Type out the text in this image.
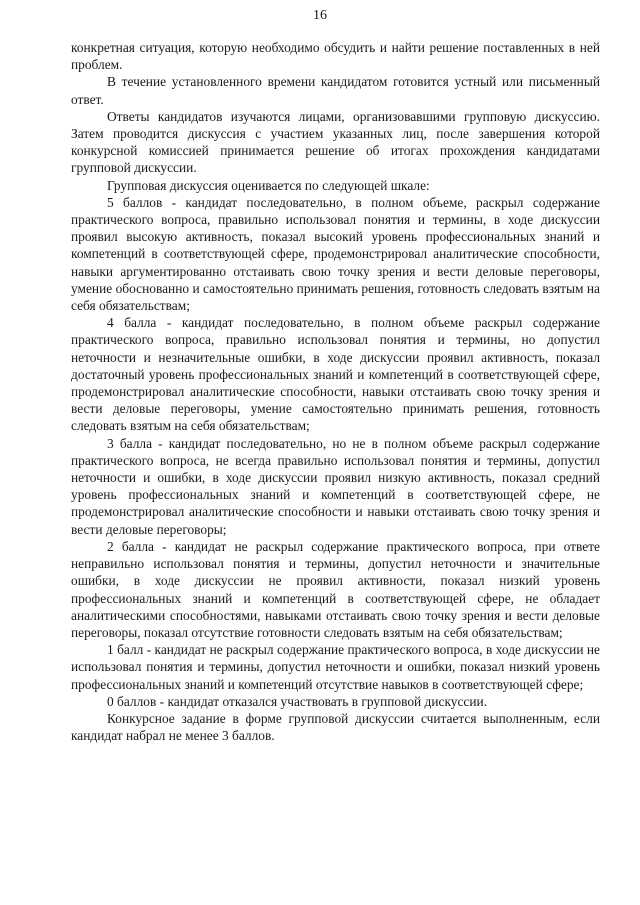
16

конкретная ситуация, которую необходимо обсудить и найти решение поставленных в ней проблем.

В течение установленного времени кандидатом готовится устный или письменный ответ.

Ответы кандидатов изучаются лицами, организовавшими групповую дискуссию. Затем проводится дискуссия с участием указанных лиц, после завершения которой конкурсной комиссией принимается решение об итогах прохождения кандидатами групповой дискуссии.

Групповая дискуссия оценивается по следующей шкале:

5 баллов - кандидат последовательно, в полном объеме, раскрыл содержание практического вопроса, правильно использовал понятия и термины, в ходе дискуссии проявил высокую активность, показал высокий уровень профессиональных знаний и компетенций в соответствующей сфере, продемонстрировал аналитические способности, навыки аргументированно отстаивать свою точку зрения и вести деловые переговоры, умение обоснованно и самостоятельно принимать решения, готовность следовать взятым на себя обязательствам;

4 балла - кандидат последовательно, в полном объеме раскрыл содержание практического вопроса, правильно использовал понятия и термины, но допустил неточности и незначительные ошибки, в ходе дискуссии проявил активность, показал достаточный уровень профессиональных знаний и компетенций в соответствующей сфере, продемонстрировал аналитические способности, навыки отстаивать свою точку зрения и вести деловые переговоры, умение самостоятельно принимать решения, готовность следовать взятым на себя обязательствам;

3 балла - кандидат последовательно, но не в полном объеме раскрыл содержание практического вопроса, не всегда правильно использовал понятия и термины, допустил неточности и ошибки, в ходе дискуссии проявил низкую активность, показал средний уровень профессиональных знаний и компетенций в соответствующей сфере, не продемонстрировал аналитические способности и навыки отстаивать свою точку зрения и вести деловые переговоры;

2 балла - кандидат не раскрыл содержание практического вопроса, при ответе неправильно использовал понятия и термины, допустил неточности и значительные ошибки, в ходе дискуссии не проявил активности, показал низкий уровень профессиональных знаний и компетенций в соответствующей сфере, не обладает аналитическими способностями, навыками отстаивать свою точку зрения и вести деловые переговоры, показал отсутствие готовности следовать взятым на себя обязательствам;

1 балл - кандидат не раскрыл содержание практического вопроса, в ходе дискуссии не использовал понятия и термины, допустил неточности и ошибки, показал низкий уровень профессиональных знаний и компетенций отсутствие навыков в соответствующей сфере;

0 баллов - кандидат отказался участвовать в групповой дискуссии.

Конкурсное задание в форме групповой дискуссии считается выполненным, если кандидат набрал не менее 3 баллов.
